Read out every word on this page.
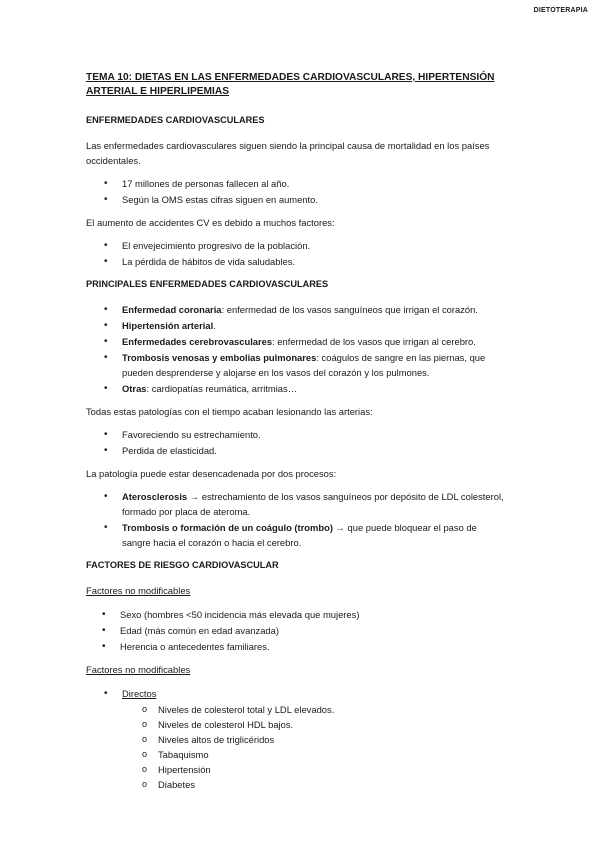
DIETOTERAPIA
TEMA 10: DIETAS EN LAS ENFERMEDADES CARDIOVASCULARES, HIPERTENSIÓN ARTERIAL E HIPERLIPEMIAS
ENFERMEDADES CARDIOVASCULARES
Las enfermedades cardiovasculares siguen siendo la principal causa de mortalidad en los países occidentales.
• 17 millones de personas fallecen al año.
• Según la OMS estas cifras siguen en aumento.
El aumento de accidentes CV es debido a muchos factores:
• El envejecimiento progresivo de la población.
• La pérdida de hábitos de vida saludables.
PRINCIPALES ENFERMEDADES CARDIOVASCULARES
• Enfermedad coronaria: enfermedad de los vasos sanguíneos que irrigan el corazón.
• Hipertensión arterial.
• Enfermedades cerebrovasculares: enfermedad de los vasos que irrigan al cerebro.
• Trombosis venosas y embolias pulmonares: coágulos de sangre en las piernas, que pueden desprenderse y alojarse en los vasos del corazón y los pulmones.
• Otras: cardiopatías reumática, arritmias…
Todas estas patologías con el tiempo acaban lesionando las arterias:
• Favoreciendo su estrechamiento.
• Perdida de elasticidad.
La patología puede estar desencadenada por dos procesos:
• Aterosclerosis → estrechamiento de los vasos sanguíneos por depósito de LDL colesterol, formado por placa de ateroma.
• Trombosis o formación de un coágulo (trombo) → que puede bloquear el paso de sangre hacia el corazón o hacia el cerebro.
FACTORES DE RIESGO CARDIOVASCULAR
Factores no modificables
• Sexo (hombres <50 incidencia más elevada que mujeres)
• Edad (más común en edad avanzada)
• Herencia o antecedentes familiares.
Factores no modificables
• Directos
o Niveles de colesterol total y LDL elevados.
o Niveles de colesterol HDL bajos.
o Niveles altos de triglicéridos
o Tabaquismo
o Hipertensión
o Diabetes
